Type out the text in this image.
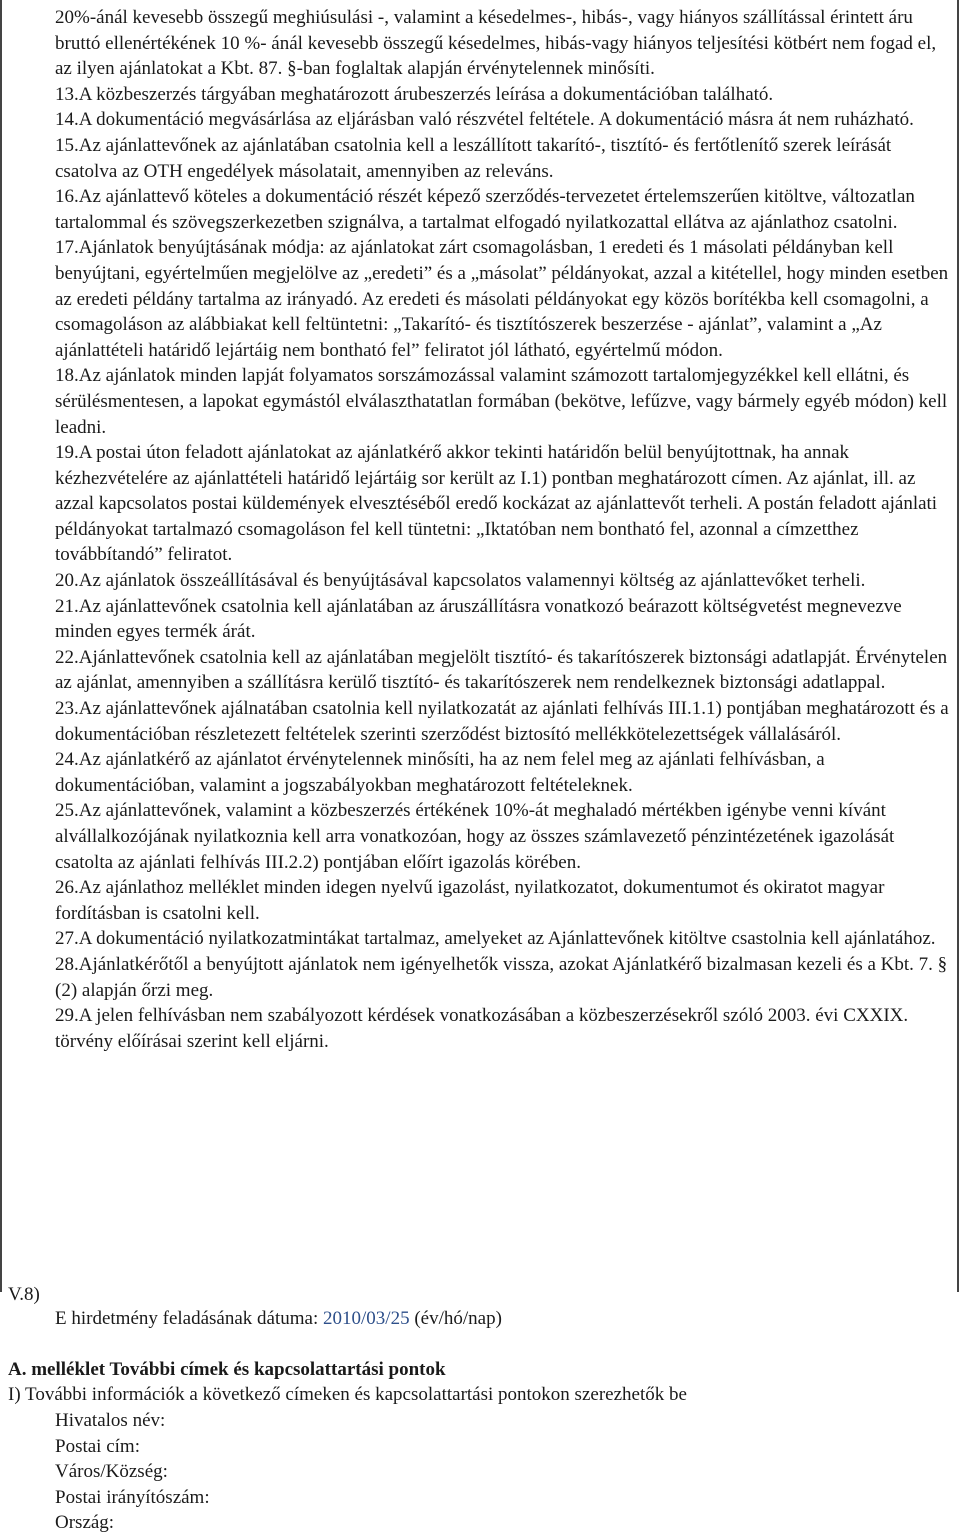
20%-ánál kevesebb összegű meghiúsulási -, valamint a késedelmes-, hibás-, vagy hiányos szállítással érintett áru bruttó ellenértékének 10 %- ánál kevesebb összegű késedelmes, hibás-vagy hiányos teljesítési kötbért nem fogad el, az ilyen ajánlatokat a Kbt. 87. §-ban foglaltak alapján érvénytelennek minősíti.

13.A közbeszerzés tárgyában meghatározott árubeszerzés leírása a dokumentációban található.

14.A dokumentáció megvásárlása az eljárásban való részvétel feltétele. A dokumentáció másra át nem ruházható.

15.Az ajánlattevőnek az ajánlatában csatolnia kell a leszállított takarító-, tisztító- és fertőtlenítő szerek leírását csatolva az OTH engedélyek másolatait, amennyiben az releváns.

16.Az ajánlattevő köteles a dokumentáció részét képező szerződés-tervezetet értelemszerűen kitöltve, változatlan tartalommal és szövegszerkezetben szignálva, a tartalmat elfogadó nyilatkozattal ellátva az ajánlathoz csatolni.

17.Ajánlatok benyújtásának módja: az ajánlatokat zárt csomagolásban, 1 eredeti és 1 másolati példányban kell benyújtani, egyértelműen megjelölve az „eredeti” és a „másolat” példányokat, azzal a kitétellel, hogy minden esetben az eredeti példány tartalma az irányadó. Az eredeti és másolati példányokat egy közös borítékba kell csomagolni, a csomagoláson az alábbiakat kell feltüntetni: „Takarító- és tisztítószerek beszerzése - ajánlat”, valamint a „Az ajánlattételi határidő lejártáig nem bontható fel” feliratot jól látható, egyértelmű módon.

18.Az ajánlatok minden lapját folyamatos sorszámozással valamint számozott tartalomjegyzékkel kell ellátni, és sérülésmentesen, a lapokat egymástól elválaszthatatlan formában (bekötve, lefűzve, vagy bármely egyéb módon) kell leadni.

19.A postai úton feladott ajánlatokat az ajánlatkérő akkor tekinti határidőn belül benyújtottnak, ha annak kézhezvételére az ajánlattételi határidő lejártáig sor került az I.1) pontban meghatározott címen. Az ajánlat, ill. az azzal kapcsolatos postai küldemények elvesztéséből eredő kockázat az ajánlattevőt terheli. A postán feladott ajánlati példányokat tartalmazó csomagoláson fel kell tüntetni: „Iktatóban nem bontható fel, azonnal a címzetthez továbbítandó” feliratot.

20.Az ajánlatok összeállításával és benyújtásával kapcsolatos valamennyi költség az ajánlattevőket terheli.

21.Az ajánlattevőnek csatolnia kell ajánlatában az áruszállításra vonatkozó beárazott költségvetést megnevezve minden egyes termék árát.

22.Ajánlattevőnek csatolnia kell az ajánlatában megjelölt tisztító- és takarítószerek biztonsági adatlapját. Érvénytelen az ajánlat, amennyiben a szállításra kerülő tisztító- és takarítószerek nem rendelkeznek biztonsági adatlappal.

23.Az ajánlattevőnek ajálnatában csatolnia kell nyilatkozatát az ajánlati felhívás III.1.1) pontjában meghatározott és a dokumentációban részletezett feltételek szerinti szerződést biztosító mellékkötelezettségek vállalásáról.

24.Az ajánlatkérő az ajánlatot érvénytelennek minősíti, ha az nem felel meg az ajánlati felhívásban, a dokumentációban, valamint a jogszabályokban meghatározott feltételeknek.

25.Az ajánlattevőnek, valamint a közbeszerzés értékének 10%-át meghaladó mértékben igénybe venni kívánt alvállalkozójának nyilatkoznia kell arra vonatkozóan, hogy az összes számlavezető pénzintézetének igazolását csatolta az ajánlati felhívás III.2.2) pontjában előírt igazolás körében.

26.Az ajánlathoz melléklet minden idegen nyelvű igazolást, nyilatkozatot, dokumentumot és okiratot magyar fordításban is csatolni kell.

27.A dokumentáció nyilatkozatmintákat tartalmaz, amelyeket az Ajánlattevőnek kitöltve csastolnia kell ajánlatához.

28.Ajánlatkérőtől a benyújtott ajánlatok nem igényelhetők vissza, azokat Ajánlatkérő bizalmasan kezeli és a Kbt. 7. § (2) alapján őrzi meg.

29.A jelen felhívásban nem szabályozott kérdések vonatkozásában a közbeszerzésekről szóló 2003. évi CXXIX. törvény előírásai szerint kell eljárni.

V.8)
E hirdetmény feladásának dátuma: 2010/03/25 (év/hó/nap)
A. melléklet További címek és kapcsolattartási pontok
I) További információk a következő címeken és kapcsolattartási pontokon szerezhetők be
Hivatalos név:
Postai cím:
Város/Község:
Postai irányítószám:
Ország:
